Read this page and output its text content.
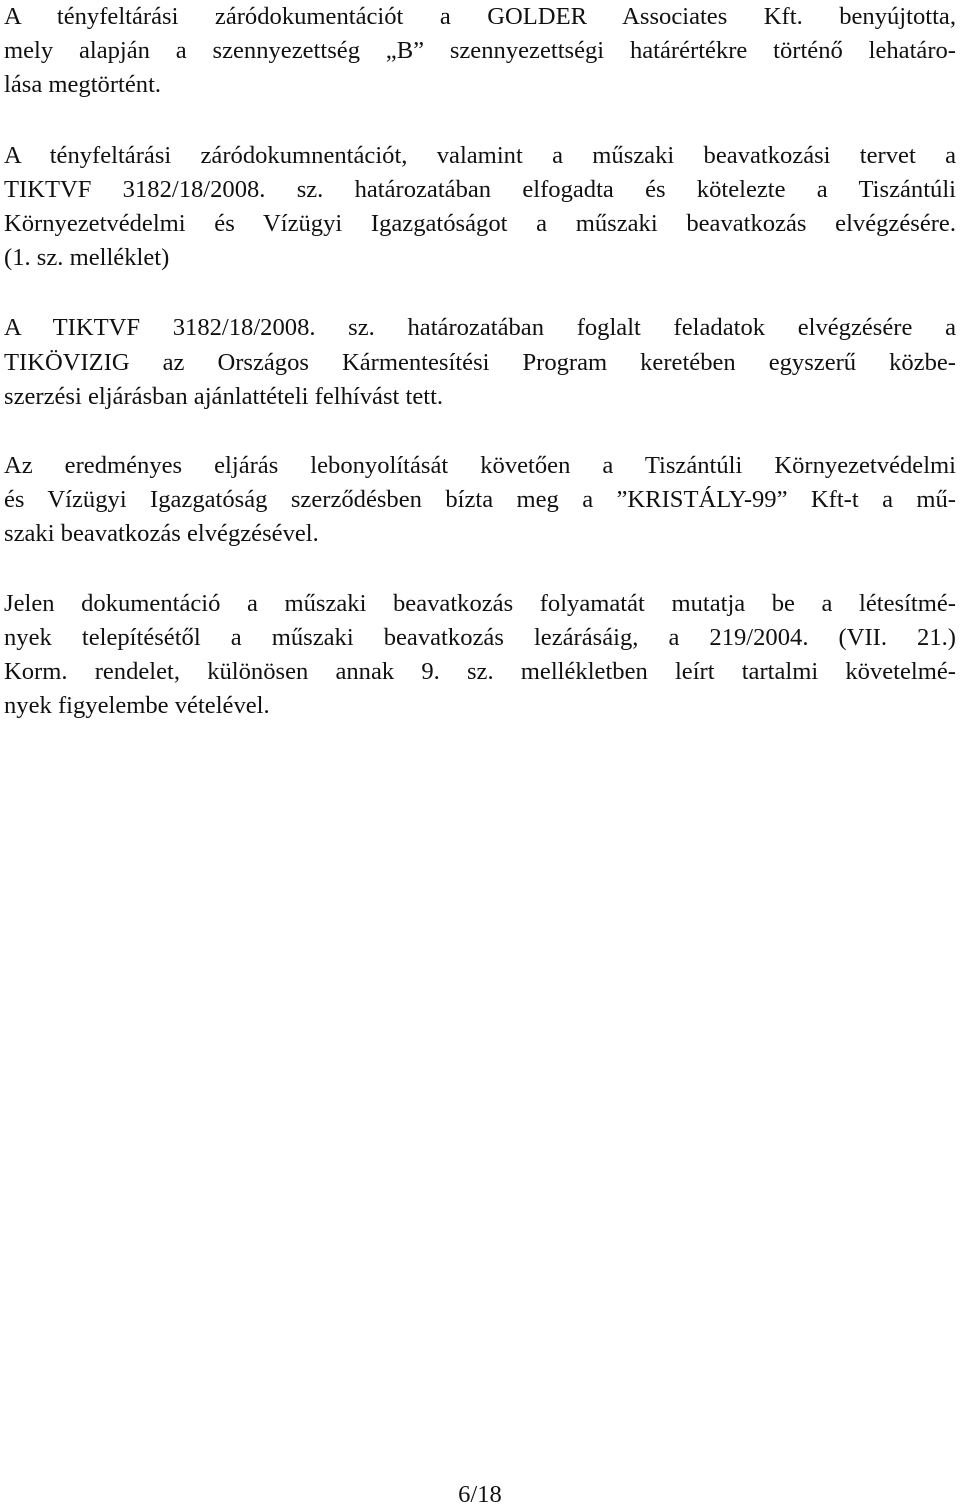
A tényfeltárási záródokumentációt a GOLDER Associates Kft. benyújtotta,
mely alapján a szennyezettség „B” szennyezettségi határértékre történő lehatáro-
lása megtörtént.

A tényfeltárási záródokumnentációt, valamint a műszaki beavatkozási tervet a
TIKTVF 3182/18/2008. sz. határozatában elfogadta és kötelezte a Tiszántúli
Környezetvédelmi és Vízügyi Igazgatóságot a műszaki beavatkozás elvégzésére.
(1. sz. melléklet)

A TIKTVF 3182/18/2008. sz. határozatában foglalt feladatok elvégzésére a
TIKÖVIZIG az Országos Kármentesítési Program keretében egyszerű közbe-
szerzési eljárásban ajánlattételi felhívást tett.

Az eredményes eljárás lebonyolítását követően a Tiszántúli Környezetvédelmi
és Vízügyi Igazgatóság szerződésben bízta meg a ”KRISTÁLY-99” Kft-t a mű-
szaki beavatkozás elvégzésével.

Jelen dokumentáció a műszaki beavatkozás folyamatát mutatja be a létesítmé-
nyek telepítésétől a műszaki beavatkozás lezárásáig, a 219/2004. (VII. 21.)
Korm. rendelet, különösen annak 9. sz. mellékletben leírt tartalmi követelmé-
nyek figyelembe vételével.

6/18
